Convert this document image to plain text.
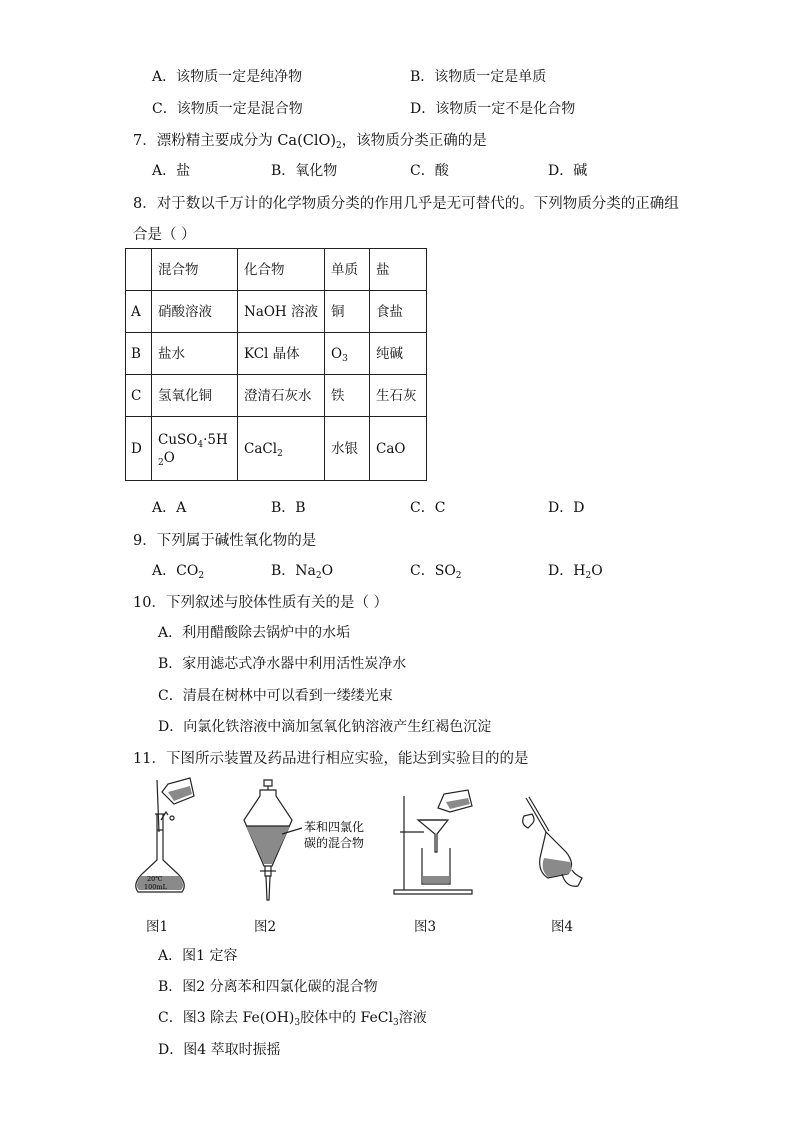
A．该物质一定是纯净物	B．该物质一定是单质
C．该物质一定是混合物	D．该物质一定不是化合物
7．漂粉精主要成分为 $Ca(ClO)_2$，该物质分类正确的是
A．盐	B．氧化物	C．酸	D．碱
8．对于数以千万计的化学物质分类的作用几乎是无可替代的。下列物质分类的正确组
合是（ ）
	混合物	化合物	单质	盐
A	硝酸溶液	NaOH 溶液	铜	食盐
B	盐水	KCl 晶体	$O_3$	纯碱
C	氢氧化铜	澄清石灰水	铁	生石灰
D	$CuSO_4\cdot 5H_2O$	CaCl$_2$	水银	CaO
A．A	B．B	C．C	D．D
9．下列属于碱性氧化物的是
A．$CO_2$	B．$Na_2O$	C．$SO_2$	D．$H_2O$
10．下列叙述与胶体性质有关的是（ ）
A．利用醋酸除去锅炉中的水垢
B．家用滤芯式净水器中利用活性炭净水
C．清晨在树林中可以看到一缕缕光束
D．向氯化铁溶液中滴加氢氧化钠溶液产生红褐色沉淀
11．下图所示装置及药品进行相应实验，能达到实验目的的是
20℃
100mL
苯和四氯化
碳的混合物
图1	图2	图3	图4
A．图1 定容
B．图2 分离苯和四氯化碳的混合物
C．图3 除去 $Fe(OH)_3$胶体中的 FeCl$_3$溶液
D．图4 萃取时振摇
